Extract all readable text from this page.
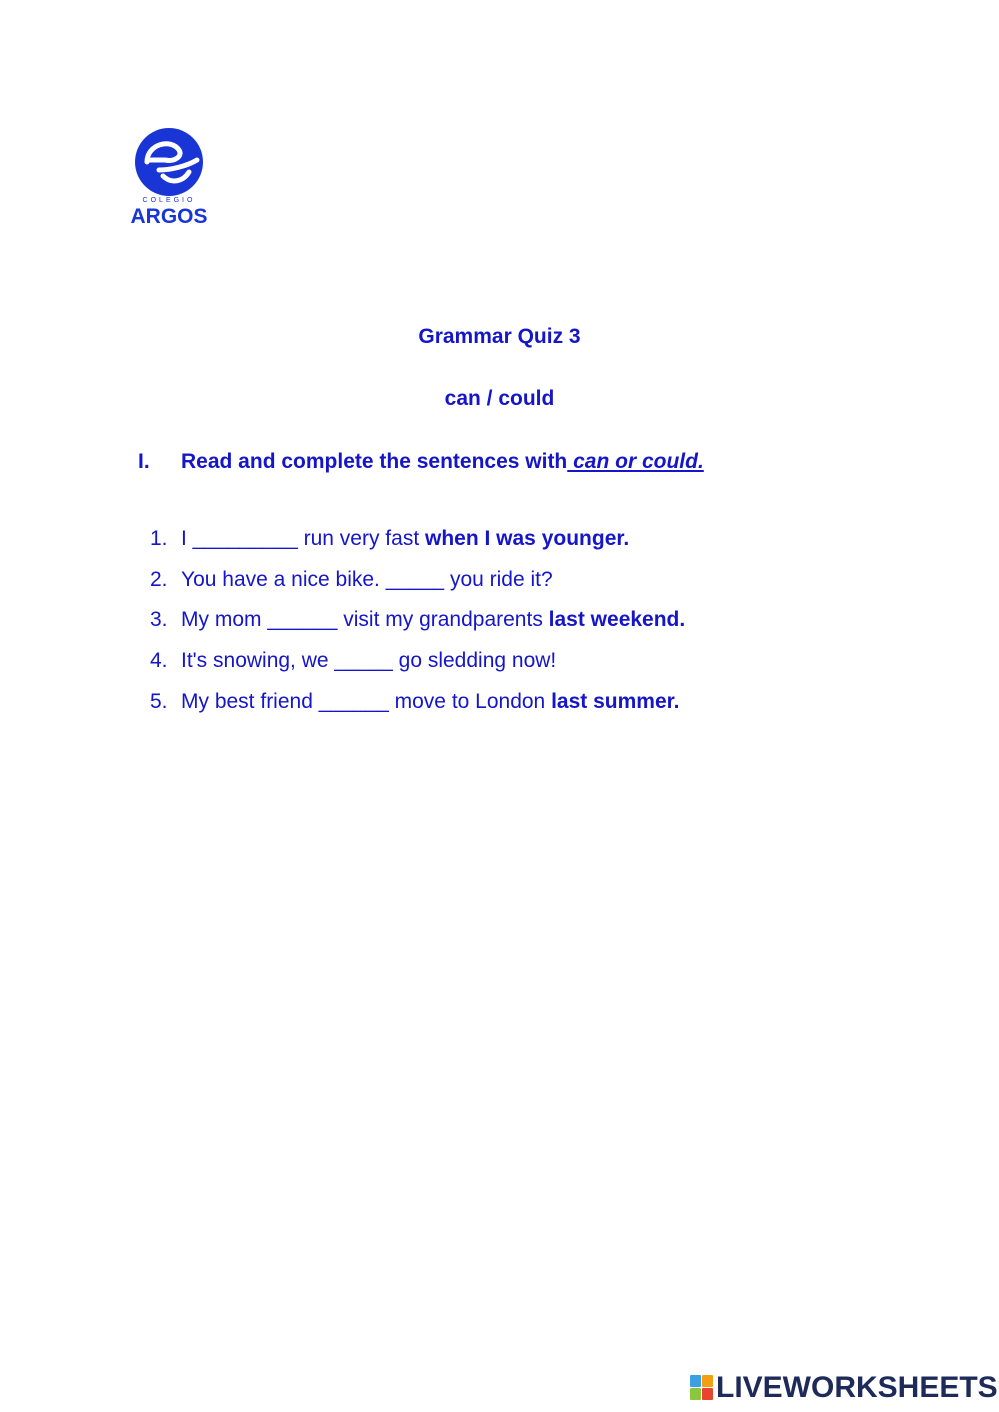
COLEGIO
ARGOS
Grammar Quiz 3
can / could
I. Read and complete the sentences with can or could.
1. I _________ run very fast when I was younger.
2. You have a nice bike. _____ you ride it?
3. My mom ______ visit my grandparents last weekend.
4. It's snowing, we _____ go sledding now!
5. My best friend ______ move to London last summer.
LIVEWORKSHEETS
